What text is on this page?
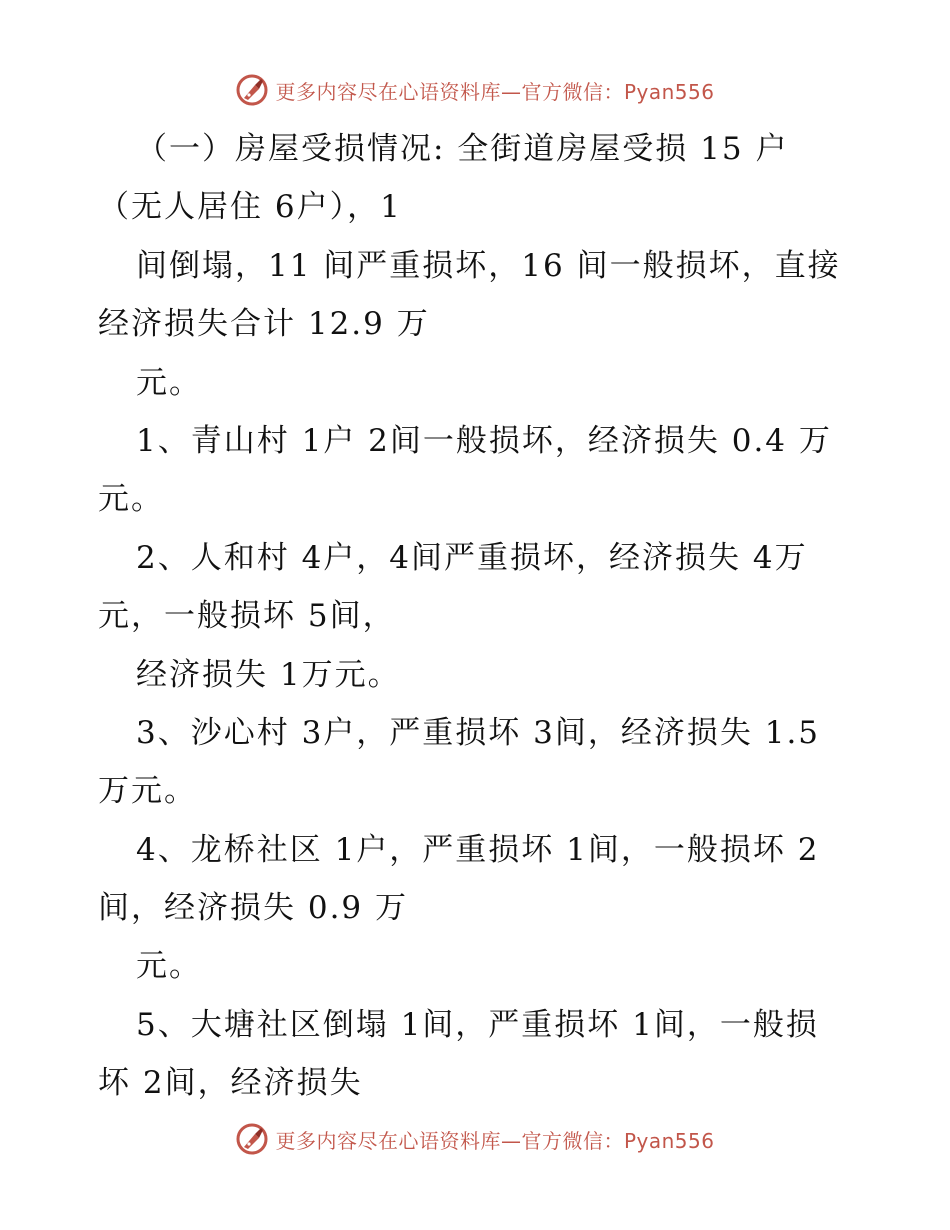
更多内容尽在心语资料库—官方微信：Pyan556
（一）房屋受损情况: 全街道房屋受损 15 户
（无人居住 6户），1
间倒塌，11 间严重损坏，16 间一般损坏，直接
经济损失合计 12.9 万
元。
1、青山村 1户 2间一般损坏，经济损失 0.4 万
元。
2、人和村 4户，4间严重损坏，经济损失 4万
元，一般损坏 5间，
经济损失 1万元。
3、沙心村 3户，严重损坏 3间，经济损失 1.5
万元。
4、龙桥社区 1户，严重损坏 1间，一般损坏 2
间，经济损失 0.9 万
元。
5、大塘社区倒塌 1间，严重损坏 1间，一般损
坏 2间，经济损失
更多内容尽在心语资料库—官方微信：Pyan556
